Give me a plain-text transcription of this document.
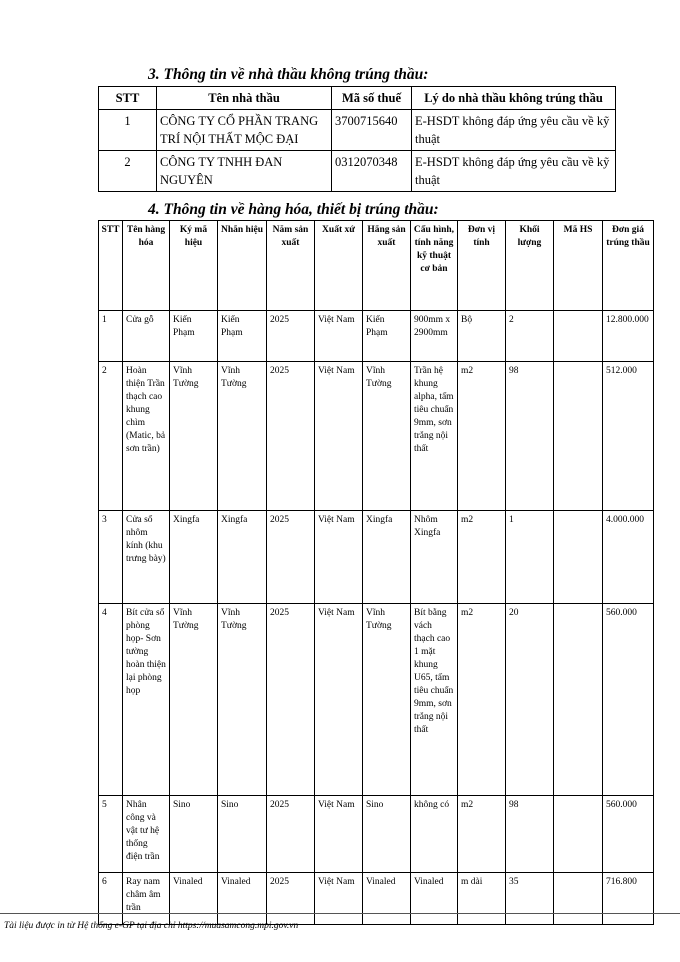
3. Thông tin về nhà thầu không trúng thầu:
STT	Tên nhà thầu	Mã số thuế	Lý do nhà thầu không trúng thầu
1	CÔNG TY CỔ PHẦN TRANG TRÍ NỘI THẤT MỘC ĐẠI	3700715640	E-HSDT không đáp ứng yêu cầu về kỹ thuật
2	CÔNG TY TNHH ĐAN NGUYÊN	0312070348	E-HSDT không đáp ứng yêu cầu về kỹ thuật
4. Thông tin về hàng hóa, thiết bị trúng thầu:
STT	Tên hàng hóa	Ký mã hiệu	Nhãn hiệu	Năm sản xuất	Xuất xứ	Hãng sản xuất	Cấu hình, tính năng kỹ thuật cơ bản	Đơn vị tính	Khối lượng	Mã HS	Đơn giá trúng thầu
1	Cửa gỗ	Kiến Phạm	Kiến Phạm	2025	Việt Nam	Kiến Phạm	900mm x 2900mm	Bộ	2		12.800.000
2	Hoàn thiện Trần thạch cao khung chìm (Matic, bả sơn trần)	Vĩnh Tường	Vĩnh Tường	2025	Việt Nam	Vĩnh Tường	Trần hệ khung alpha, tấm tiêu chuẩn 9mm, sơn trắng nội thất	m2	98		512.000
3	Cửa sổ nhôm kính (khu trưng bày)	Xingfa	Xingfa	2025	Việt Nam	Xingfa	Nhôm Xingfa	m2	1		4.000.000
4	Bít cửa sổ phòng họp- Sơn tường hoàn thiện lại phòng họp	Vĩnh Tường	Vĩnh Tường	2025	Việt Nam	Vĩnh Tường	Bít bằng vách thạch cao 1 mặt khung U65, tấm tiêu chuẩn 9mm, sơn trắng nội thất	m2	20		560.000
5	Nhân công và vật tư hệ thống điện trần	Sino	Sino	2025	Việt Nam	Sino	không có	m2	98		560.000
6	Ray nam châm âm trần	Vinaled	Vinaled	2025	Việt Nam	Vinaled	Vinaled	m dài	35		716.800
Tài liệu được in từ Hệ thống e-GP tại địa chỉ https://muasamcong.mpi.gov.vn
